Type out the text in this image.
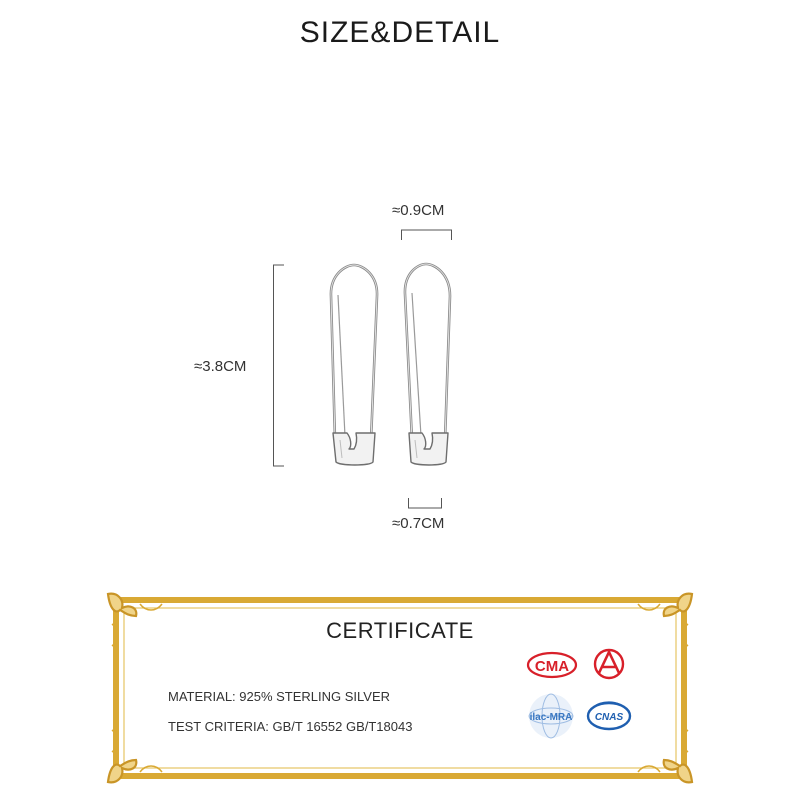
SIZE&DETAIL
CMA
ilac-MRA CNAS
≈0.9CM
≈3.8CM
≈0.7CM
CERTIFICATE
MATERIAL: 925% STERLING SILVER
TEST CRITERIA: GB/T 16552 GB/T18043
